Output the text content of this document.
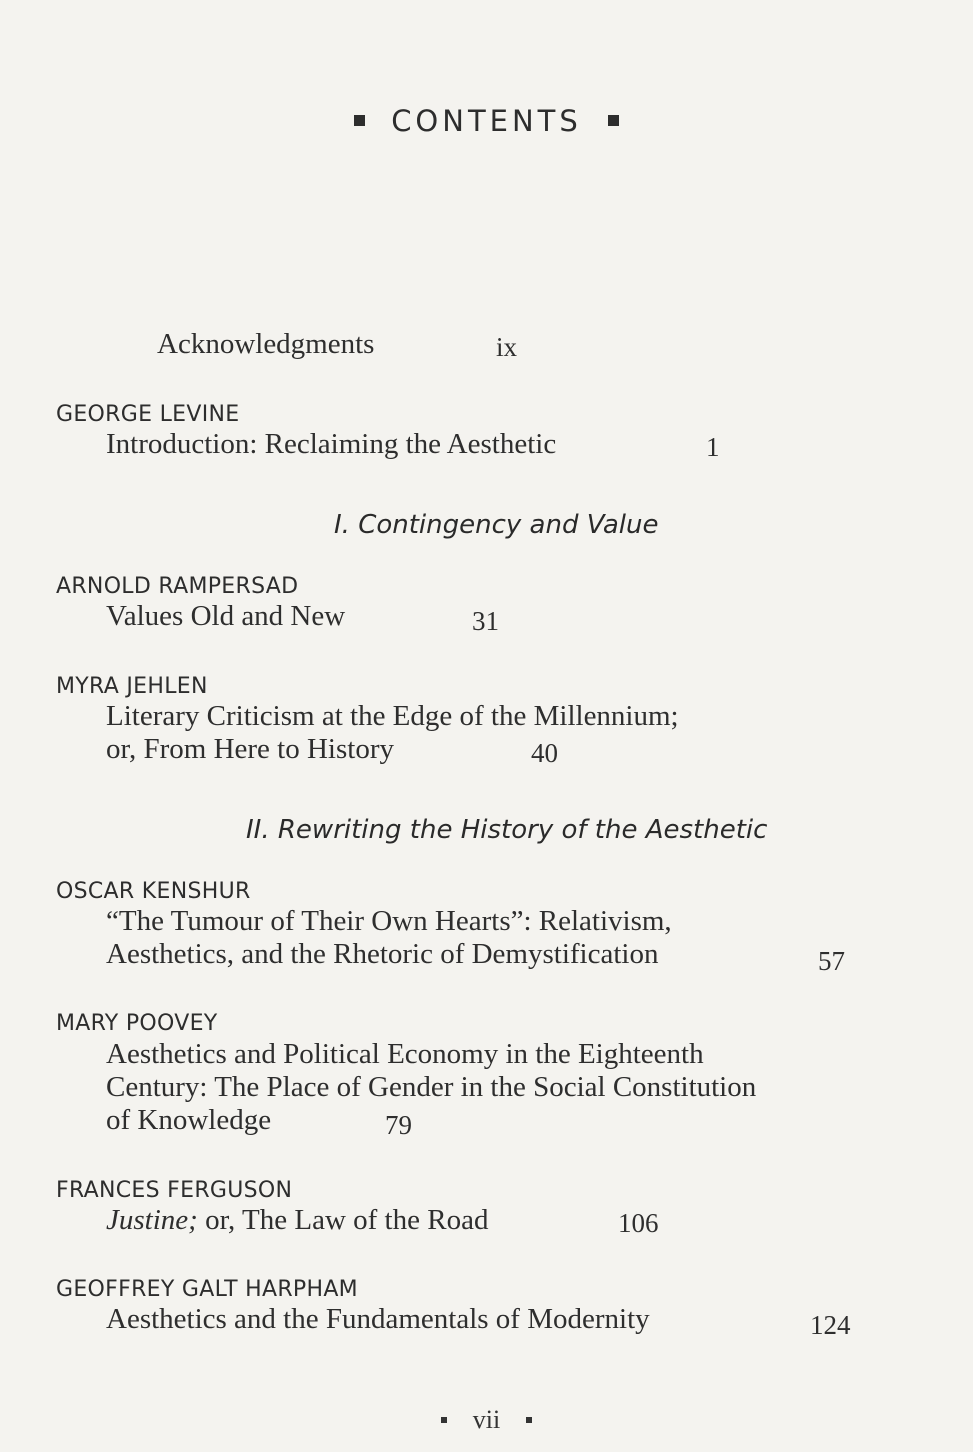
CONTENTS
Acknowledgments	ix
GEORGE LEVINE
Introduction: Reclaiming the Aesthetic	1
I. Contingency and Value
ARNOLD RAMPERSAD
Values Old and New	31
MYRA JEHLEN
Literary Criticism at the Edge of the Millennium;
or, From Here to History	40
II. Rewriting the History of the Aesthetic
OSCAR KENSHUR
“The Tumour of Their Own Hearts”: Relativism,
Aesthetics, and the Rhetoric of Demystification	57
MARY POOVEY
Aesthetics and Political Economy in the Eighteenth
Century: The Place of Gender in the Social Constitution
of Knowledge	79
FRANCES FERGUSON
Justine; or, The Law of the Road	106
GEOFFREY GALT HARPHAM
Aesthetics and the Fundamentals of Modernity	124
vii
